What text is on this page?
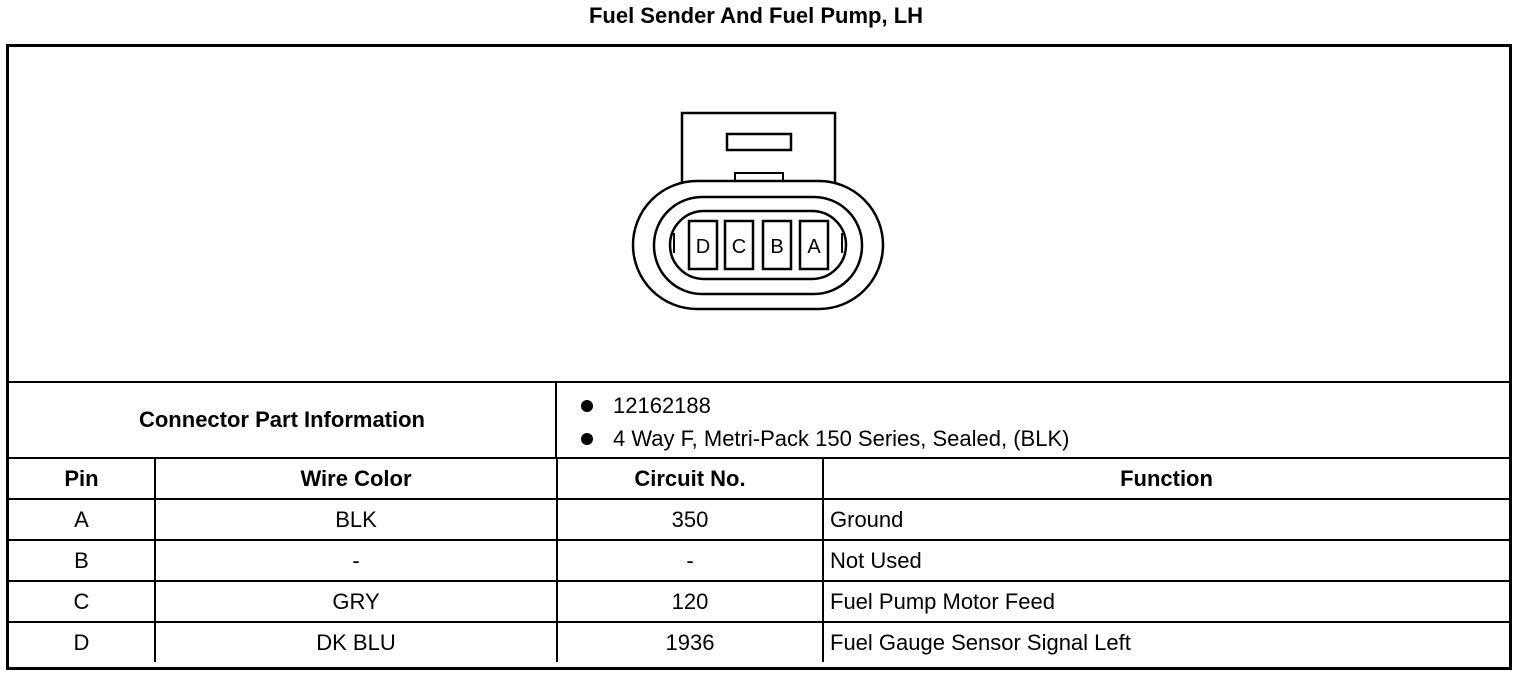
Fuel Sender And Fuel Pump, LH
D C B A
Connector Part Information
12162188
4 Way F, Metri-Pack 150 Series, Sealed, (BLK)
Pin	Wire Color	Circuit No.	Function
A	BLK	350	Ground
B	-	-	Not Used
C	GRY	120	Fuel Pump Motor Feed
D	DK BLU	1936	Fuel Gauge Sensor Signal Left
